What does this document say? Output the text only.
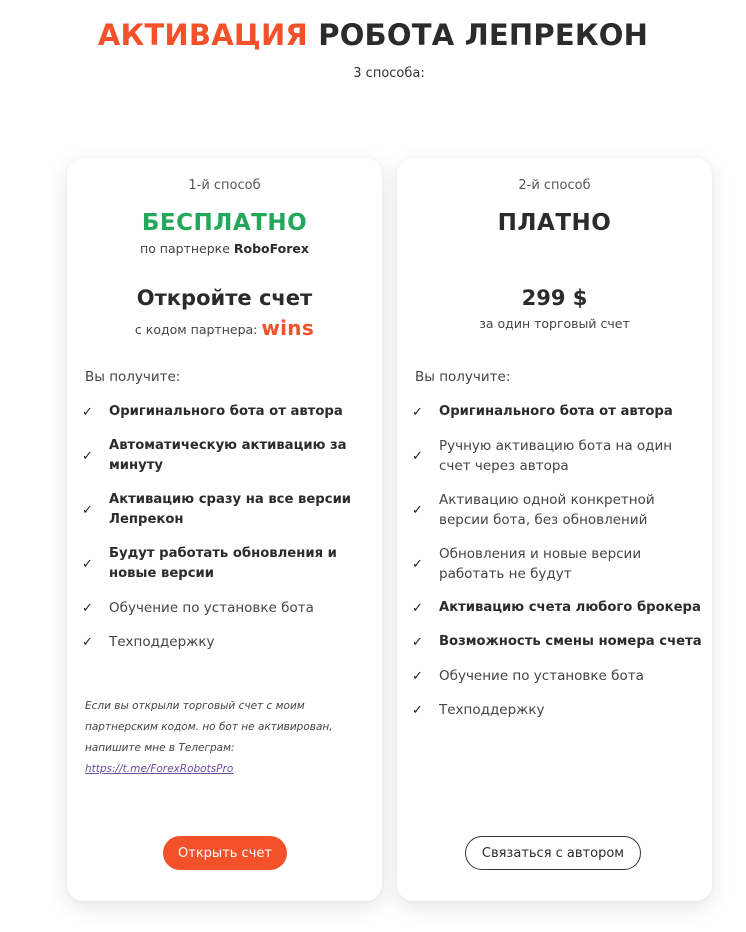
АКТИВАЦИЯ РОБОТА ЛЕПРЕКОН
3 способа:
1-й способ
БЕСПЛАТНО
по партнерке RoboForex
Откройте счет
с кодом партнера: wins
Вы получите:
✓	Оригинального бота от автора
✓
Автоматическую активацию за минуту
✓
Активацию сразу на все версии Лепрекон
✓
Будут работать обновления и новые версии
✓	Обучение по установке бота
✓	Техподдержку
Если вы открыли торговый счет с моим партнерским кодом. но бот не активирован, напишите мне в Телеграм:
https://t.me/ForexRobotsPro
Открыть счет
2-й способ
ПЛАТНО
299 $
за один торговый счет
Вы получите:
✓	Оригинального бота от автора
✓
Ручную активацию бота на один счет через автора
✓
Активацию одной конкретной версии бота, без обновлений
✓
Обновления и новые версии работать не будут
✓	Активацию счета любого брокера
✓	Возможность смены номера счета
✓	Обучение по установке бота
✓	Техподдержку
Связаться с автором
